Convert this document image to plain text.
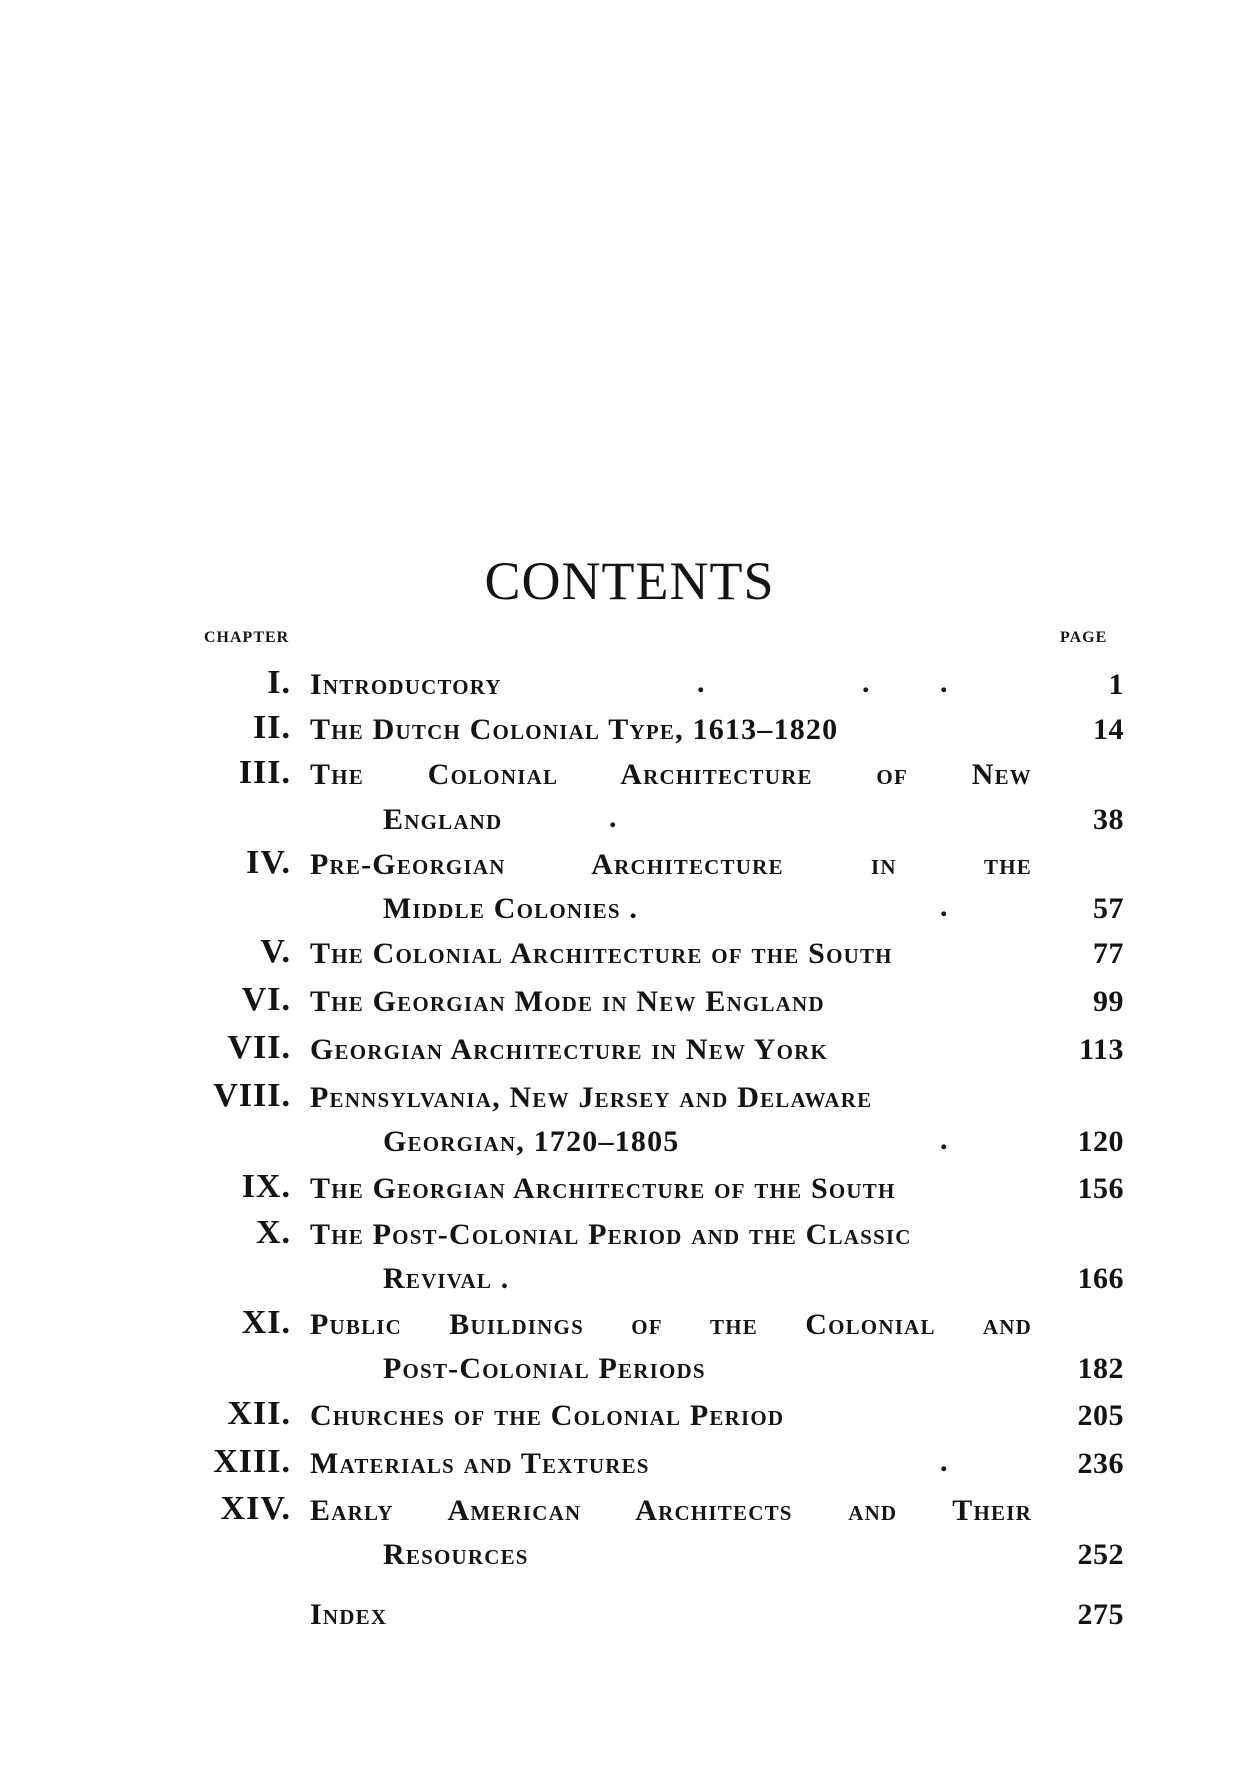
CONTENTS
CHAPTER	PAGE
I. Introductory	.	. .	1
II. The Dutch Colonial Type, 1613–1820	14
III. The Colonial Architecture of New
England	.	38
IV. Pre-Georgian Architecture in the
Middle Colonies .	.	57
V. The Colonial Architecture of the South	77
VI. The Georgian Mode in New England	99
VII. Georgian Architecture in New York	113
VIII. Pennsylvania, New Jersey and Delaware
Georgian, 1720–1805	.	120
IX. The Georgian Architecture of the South	156
X. The Post-Colonial Period and the Classic
Revival .	166
XI. Public Buildings of the Colonial and
Post-Colonial Periods	182
XII. Churches of the Colonial Period	205
XIII. Materials and Textures	.	236
XIV. Early American Architects and Their
Resources	252
Index	275
